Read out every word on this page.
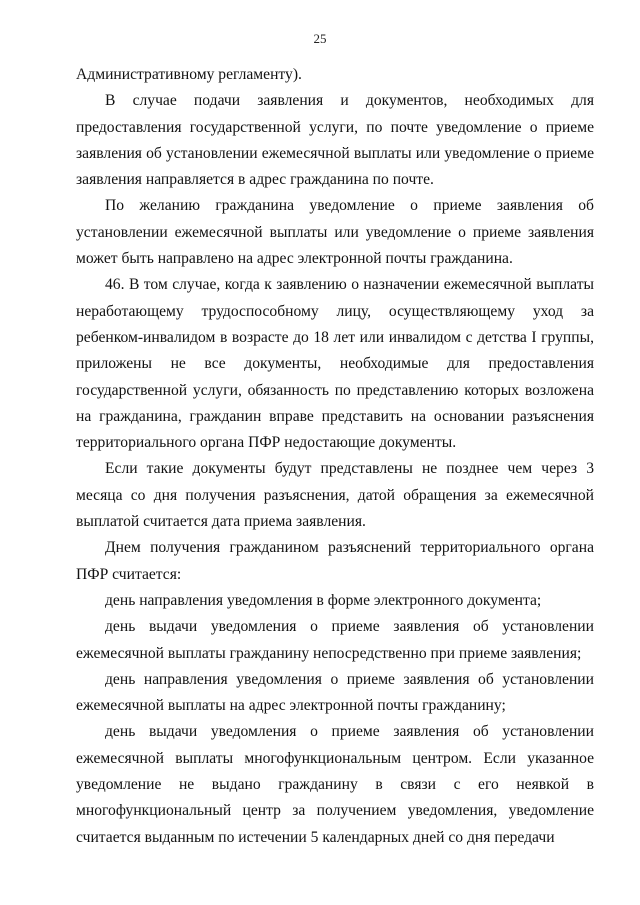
25

Административному регламенту).

В случае подачи заявления и документов, необходимых для предоставления государственной услуги, по почте уведомление о приеме заявления об установлении ежемесячной выплаты или уведомление о приеме заявления направляется в адрес гражданина по почте.

По желанию гражданина уведомление о приеме заявления об установлении ежемесячной выплаты или уведомление о приеме заявления может быть направлено на адрес электронной почты гражданина.

46. В том случае, когда к заявлению о назначении ежемесячной выплаты неработающему трудоспособному лицу, осуществляющему уход за ребенком-инвалидом в возрасте до 18 лет или инвалидом с детства I группы, приложены не все документы, необходимые для предоставления государственной услуги, обязанность по представлению которых возложена на гражданина, гражданин вправе представить на основании разъяснения территориального органа ПФР недостающие документы.

Если такие документы будут представлены не позднее чем через 3 месяца со дня получения разъяснения, датой обращения за ежемесячной выплатой считается дата приема заявления.

Днем получения гражданином разъяснений территориального органа ПФР считается:

день направления уведомления в форме электронного документа;

день выдачи уведомления о приеме заявления об установлении ежемесячной выплаты гражданину непосредственно при приеме заявления;

день направления уведомления о приеме заявления об установлении ежемесячной выплаты на адрес электронной почты гражданину;

день выдачи уведомления о приеме заявления об установлении ежемесячной выплаты многофункциональным центром. Если указанное уведомление не выдано гражданину в связи с его неявкой в многофункциональный центр за получением уведомления, уведомление считается выданным по истечении 5 календарных дней со дня передачи
